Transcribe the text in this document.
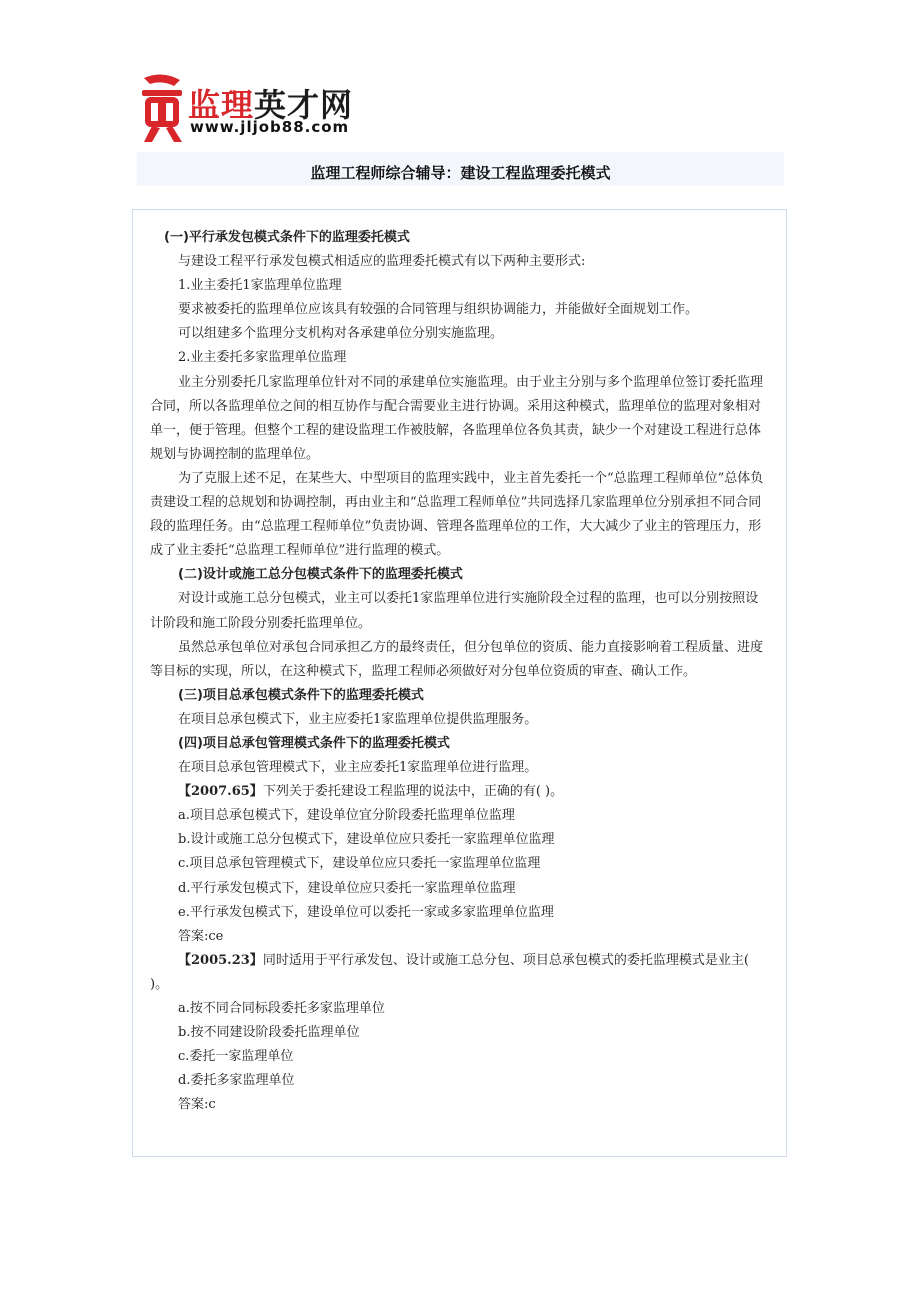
监理英才网
www.jljob88.com
监理工程师综合辅导：建设工程监理委托模式

(一)平行承发包模式条件下的监理委托模式

与建设工程平行承发包模式相适应的监理委托模式有以下两种主要形式:

1.业主委托1家监理单位监理

要求被委托的监理单位应该具有较强的合同管理与组织协调能力，并能做好全面规划工作。

可以组建多个监理分支机构对各承建单位分别实施监理。

2.业主委托多家监理单位监理

业主分别委托几家监理单位针对不同的承建单位实施监理。由于业主分别与多个监理单位签订委托监理合同，所以各监理单位之间的相互协作与配合需要业主进行协调。采用这种模式，监理单位的监理对象相对单一，便于管理。但整个工程的建设监理工作被肢解，各监理单位各负其责，缺少一个对建设工程进行总体规划与协调控制的监理单位。

为了克服上述不足，在某些大、中型项目的监理实践中，业主首先委托一个“总监理工程师单位”总体负责建设工程的总规划和协调控制，再由业主和“总监理工程师单位”共同选择几家监理单位分别承担不同合同段的监理任务。由“总监理工程师单位”负责协调、管理各监理单位的工作，大大减少了业主的管理压力，形成了业主委托“总监理工程师单位”进行监理的模式。

(二)设计或施工总分包模式条件下的监理委托模式

对设计或施工总分包模式，业主可以委托1家监理单位进行实施阶段全过程的监理，也可以分别按照设计阶段和施工阶段分别委托监理单位。

虽然总承包单位对承包合同承担乙方的最终责任，但分包单位的资质、能力直接影响着工程质量、进度等目标的实现，所以，在这种模式下，监理工程师必须做好对分包单位资质的审查、确认工作。

(三)项目总承包模式条件下的监理委托模式

在项目总承包模式下，业主应委托1家监理单位提供监理服务。

(四)项目总承包管理模式条件下的监理委托模式

在项目总承包管理模式下，业主应委托1家监理单位进行监理。

【2007.65】下列关于委托建设工程监理的说法中，正确的有( )。

a.项目总承包模式下，建设单位宜分阶段委托监理单位监理

b.设计或施工总分包模式下，建设单位应只委托一家监理单位监理

c.项目总承包管理模式下，建设单位应只委托一家监理单位监理

d.平行承发包模式下，建设单位应只委托一家监理单位监理

e.平行承发包模式下，建设单位可以委托一家或多家监理单位监理

答案:ce

【2005.23】同时适用于平行承发包、设计或施工总分包、项目总承包模式的委托监理模式是业主( )。

a.按不同合同标段委托多家监理单位

b.按不同建设阶段委托监理单位

c.委托一家监理单位

d.委托多家监理单位

答案:c
